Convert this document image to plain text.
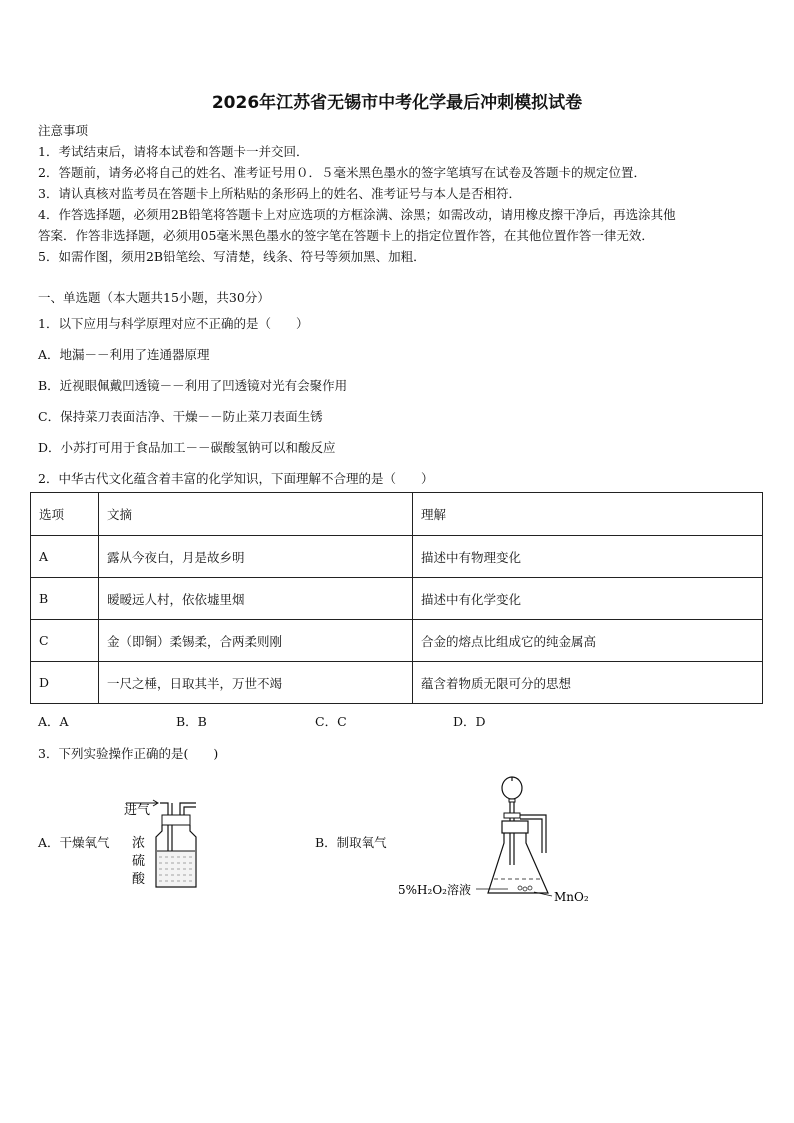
2026年江苏省无锡市中考化学最后冲刺模拟试卷
注意事项
1．考试结束后，请将本试卷和答题卡一并交回．
2．答题前，请务必将自己的姓名、准考证号用０．５毫米黑色墨水的签字笔填写在试卷及答题卡的规定位置．
3．请认真核对监考员在答题卡上所粘贴的条形码上的姓名、准考证号与本人是否相符．
4．作答选择题，必须用2B铅笔将答题卡上对应选项的方框涂满、涂黑；如需改动，请用橡皮擦干净后，再选涂其他
答案．作答非选择题，必须用05毫米黑色墨水的签字笔在答题卡上的指定位置作答，在其他位置作答一律无效．
5．如需作图，须用2B铅笔绘、写清楚，线条、符号等须加黑、加粗．
一、单选题（本大题共15小题，共30分）
1．以下应用与科学原理对应不正确的是（　　）
A．地漏－－利用了连通器原理
B．近视眼佩戴凹透镜－－利用了凹透镜对光有会聚作用
C．保持菜刀表面洁净、干燥－－防止菜刀表面生锈
D．小苏打可用于食品加工－－碳酸氢钠可以和酸反应
2．中华古代文化蕴含着丰富的化学知识，下面理解不合理的是（　　）
选项	文摘	理解
A	露从今夜白，月是故乡明	描述中有物理变化
B	暧暧远人村，依依墟里烟	描述中有化学变化
C	金（即铜）柔锡柔，合两柔则刚	合金的熔点比组成它的纯金属高
D	一尺之棰，日取其半，万世不竭	蕴含着物质无限可分的思想
A．A	B．B	C．C	D．D
3．下列实验操作正确的是(　　)
A．干燥氧气	B．制取氧气
进气
浓
硫
酸
5%H₂O₂溶液	MnO₂
